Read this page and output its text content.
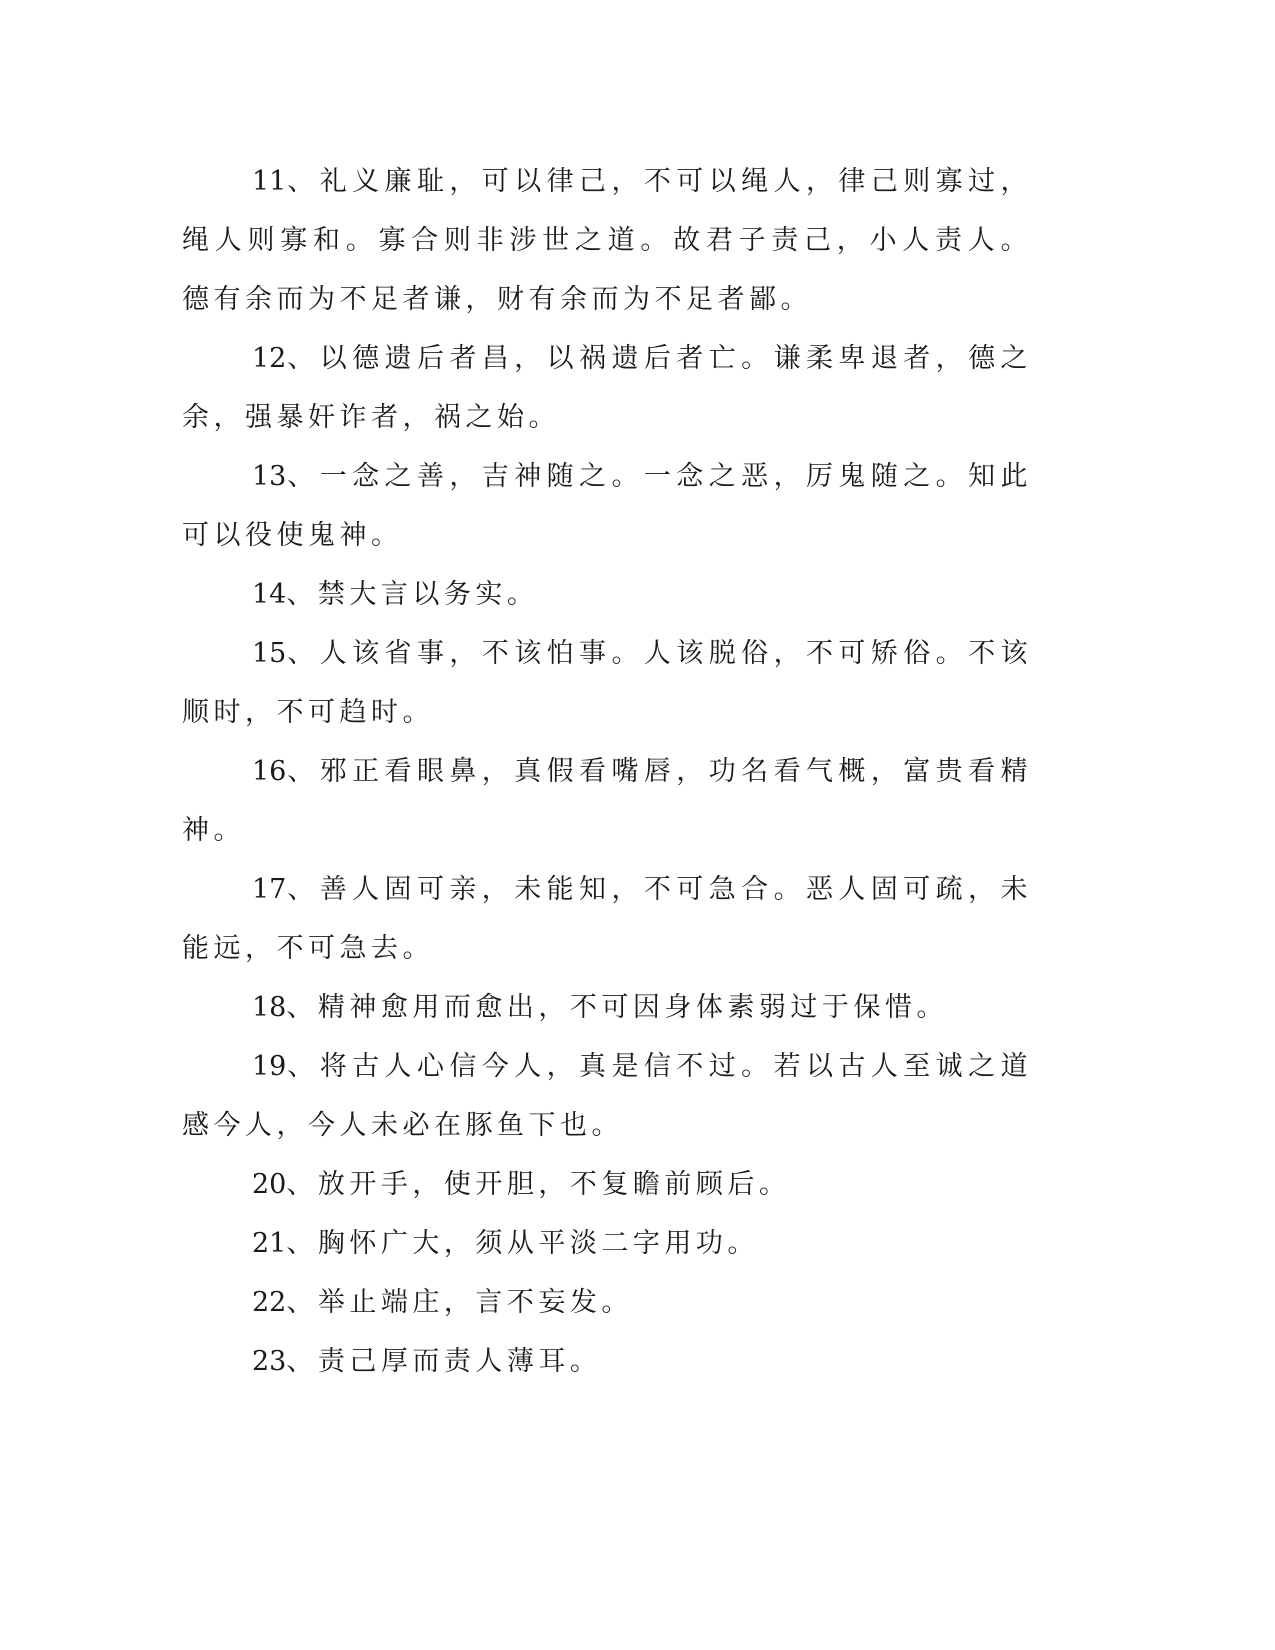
11、礼义廉耻，可以律己，不可以绳人，律己则寡过，绳人则寡和。寡合则非涉世之道。故君子责己，小人责人。德有余而为不足者谦，财有余而为不足者鄙。

12、以德遗后者昌，以祸遗后者亡。谦柔卑退者，德之余，强暴奸诈者，祸之始。

13、一念之善，吉神随之。一念之恶，厉鬼随之。知此可以役使鬼神。

14、禁大言以务实。

15、人该省事，不该怕事。人该脱俗，不可矫俗。不该顺时，不可趋时。

16、邪正看眼鼻，真假看嘴唇，功名看气概，富贵看精神。

17、善人固可亲，未能知，不可急合。恶人固可疏，未能远，不可急去。

18、精神愈用而愈出，不可因身体素弱过于保惜。

19、将古人心信今人，真是信不过。若以古人至诚之道感今人，今人未必在豚鱼下也。

20、放开手，使开胆，不复瞻前顾后。

21、胸怀广大，须从平淡二字用功。

22、举止端庄，言不妄发。

23、责己厚而责人薄耳。
